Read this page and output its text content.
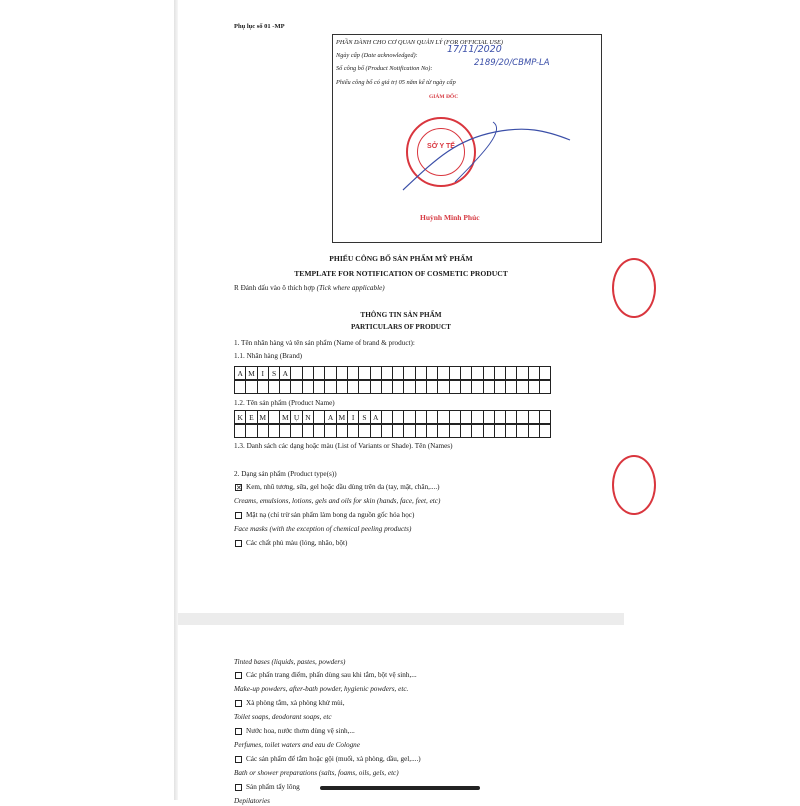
Phụ lục số 01 -MP
PHẦN DÀNH CHO CƠ QUAN QUẢN LÝ (FOR OFFICIAL USE)
Ngày cấp (Date acknowledged):
17/11/2020
Số công bố (Product Notification No):
2189/20/CBMP-LA
Phiếu công bố có giá trị 05 năm kể từ ngày cấp
GIÁM ĐỐC
SỞ Y TẾ
Huỳnh Minh Phúc
PHIẾU CÔNG BỐ SẢN PHẨM MỸ PHẨM
TEMPLATE FOR NOTIFICATION OF COSMETIC PRODUCT
R Đánh dấu vào ô thích hợp (Tick where applicable)
THÔNG TIN SẢN PHẨM
PARTICULARS OF PRODUCT
1. Tên nhãn hàng và tên sản phẩm (Name of brand & product):
1.1. Nhãn hàng (Brand)
A M I	S A
1.2. Tên sản phẩm (Product Name)
K E M	M Ụ N	A M I	S A
1.3. Danh sách các dạng hoặc màu (List of Variants or Shade). Tên (Names)
2. Dạng sản phẩm (Product type(s))
✕ Kem, nhũ tương, sữa, gel hoặc dầu dùng trên da (tay, mặt, chân,....)
Creams, emulsions, lotions, gels and oils for skin (hands, face, feet, etc)
Mặt nạ (chỉ trừ sản phẩm làm bong da nguồn gốc hóa học)
Face masks (with the exception of chemical peeling products)
Các chất phủ màu (lỏng, nhão, bột)
Tinted bases (liquids, pastes, powders)
Các phấn trang điểm, phấn dùng sau khi tắm, bột vệ sinh,...
Make-up powders, after-bath powder, hygienic powders, etc.
Xà phòng tắm, xà phòng khử mùi,
Toilet soaps, deodorant soaps, etc
Nước hoa, nước thơm dùng vệ sinh,...
Perfumes, toilet waters and eau de Cologne
Các sản phẩm để tắm hoặc gội (muối, xà phòng, dầu, gel,....)
Bath or shower preparations (salts, foams, oils, gels, etc)
Sản phẩm tẩy lông
Depilatories
